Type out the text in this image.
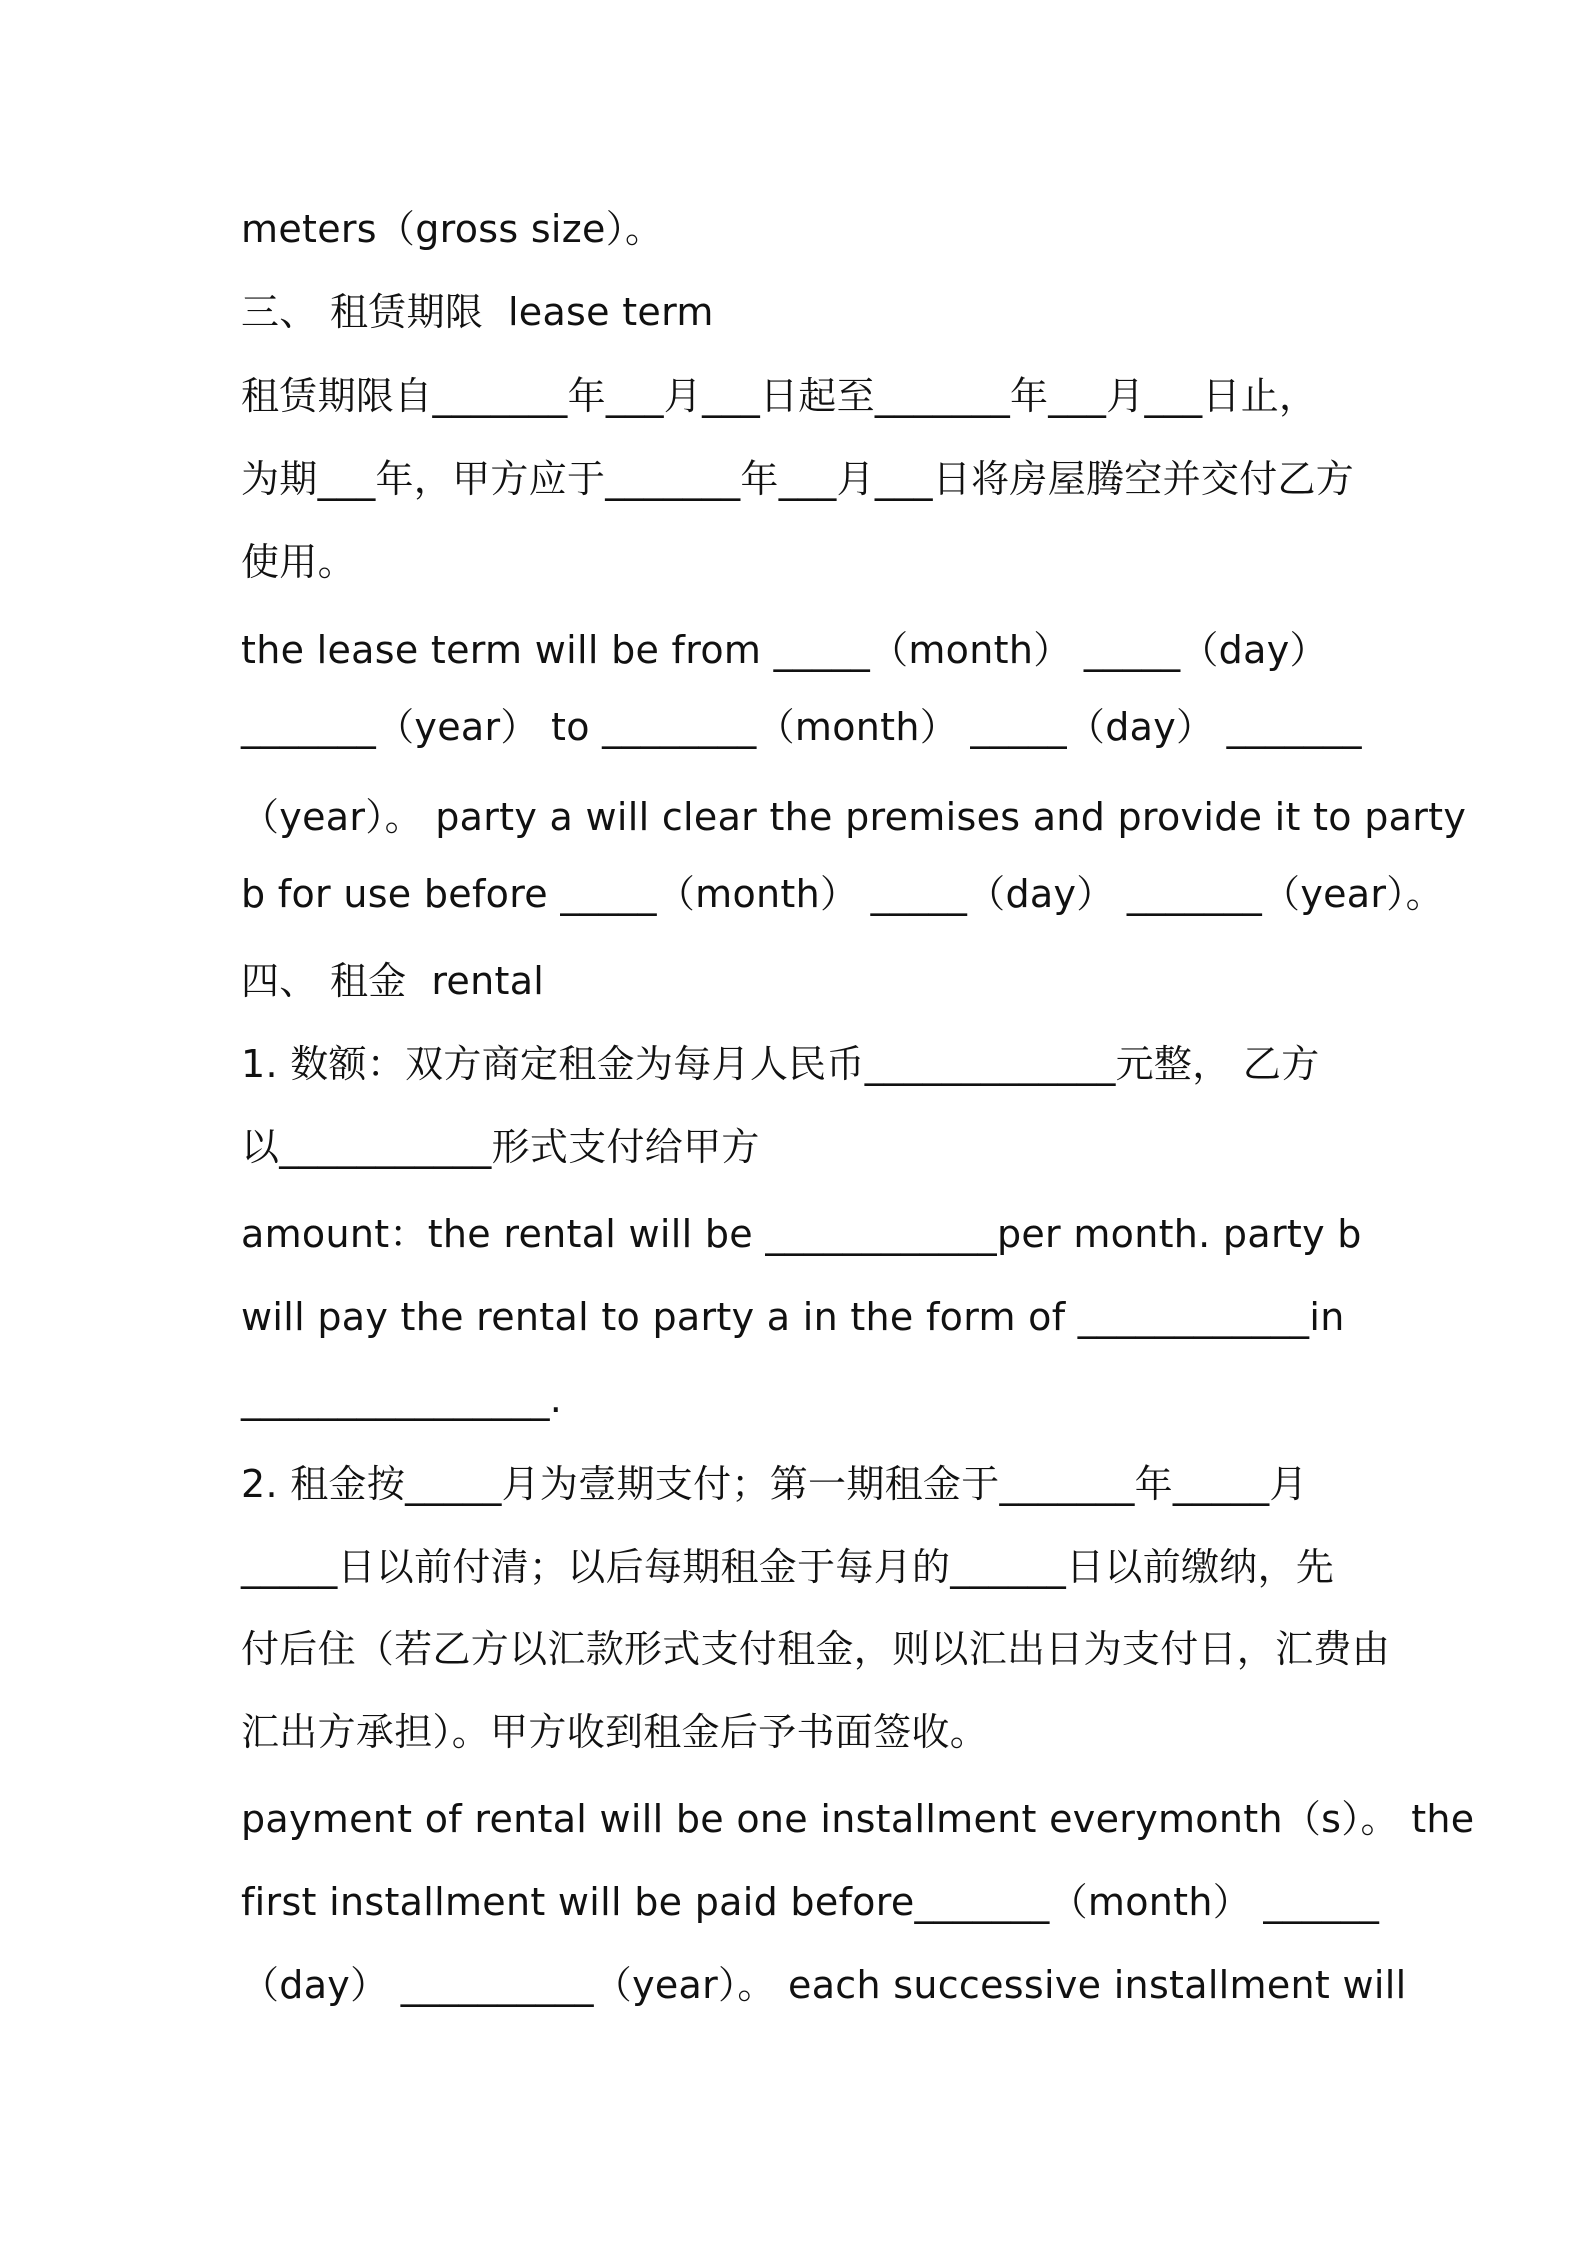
meters（gross size）。
三、 租赁期限  lease term
租赁期限自_______年___月___日起至_______年___月___日止，
为期___年，甲方应于_______年___月___日将房屋腾空并交付乙方
使用。
the lease term will be from _____（month） _____（day）
_______（year） to ________（month） _____（day） _______
（year）。 party a will clear the premises and provide it to party
b for use before _____（month） _____（day） _______（year）。
四、 租金  rental
1. 数额：双方商定租金为每月人民币_____________元整， 乙方
以___________形式支付给甲方
amount：the rental will be ____________per month. party b
will pay the rental to party a in the form of ____________in
________________.
2. 租金按_____月为壹期支付；第一期租金于_______年_____月
_____日以前付清；以后每期租金于每月的______日以前缴纳，先
付后住（若乙方以汇款形式支付租金，则以汇出日为支付日，汇费由
汇出方承担）。甲方收到租金后予书面签收。
payment of rental will be one installment everymonth（s）。 the
first installment will be paid before_______（month） ______
（day） __________（year）。 each successive installment will
